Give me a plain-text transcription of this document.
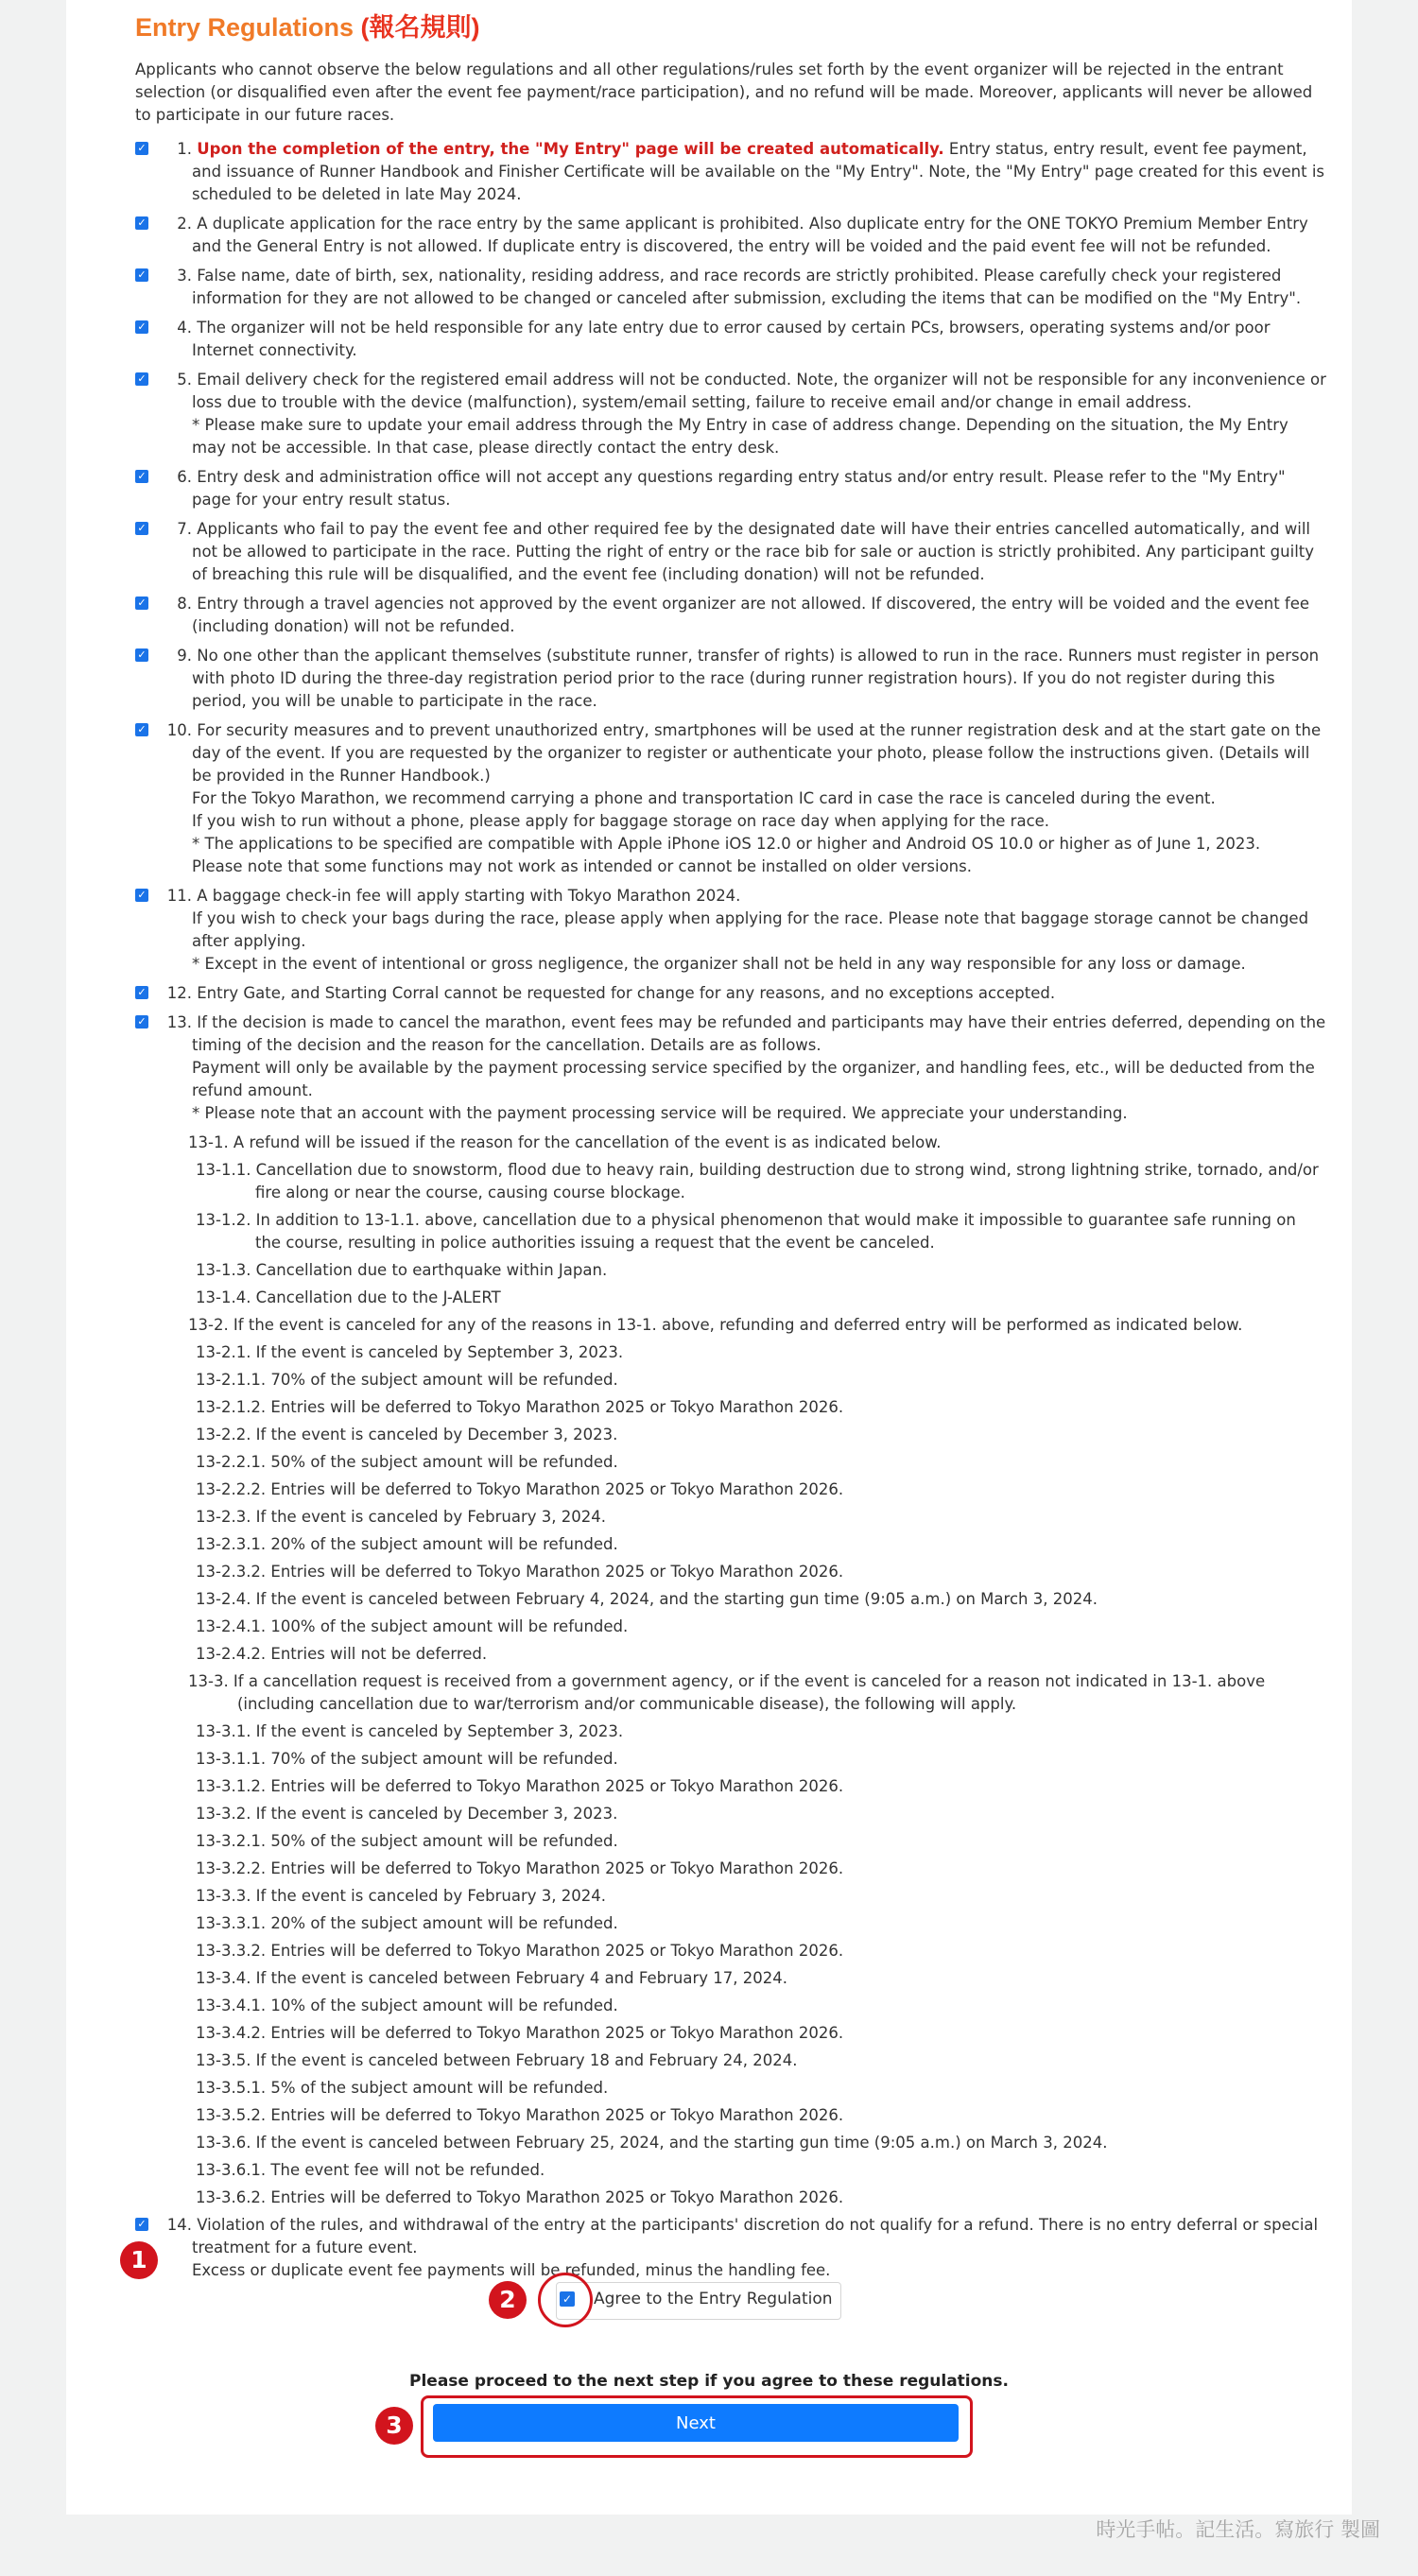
Entry Regulations (報名規則)
Applicants who cannot observe the below regulations and all other regulations/rules set forth by the event organizer will be rejected in the entrant selection (or disqualified even after the event fee payment/race participation), and no refund will be made. Moreover, applicants will never be allowed to participate in our future races.
✓	1. Upon the completion of the entry, the "My Entry" page will be created automatically. Entry status, entry result, event fee payment, and issuance of Runner Handbook and Finisher Certificate will be available on the "My Entry". Note, the "My Entry" page created for this event is scheduled to be deleted in late May 2024.
✓	2. A duplicate application for the race entry by the same applicant is prohibited. Also duplicate entry for the ONE TOKYO Premium Member Entry and the General Entry is not allowed. If duplicate entry is discovered, the entry will be voided and the paid event fee will not be refunded.
✓	3. False name, date of birth, sex, nationality, residing address, and race records are strictly prohibited. Please carefully check your registered information for they are not allowed to be changed or canceled after submission, excluding the items that can be modified on the "My Entry".
✓	4. The organizer will not be held responsible for any late entry due to error caused by certain PCs, browsers, operating systems and/or poor Internet connectivity.
✓	5. Email delivery check for the registered email address will not be conducted. Note, the organizer will not be responsible for any inconvenience or loss due to trouble with the device (malfunction), system/email setting, failure to receive email and/or change in email address.

* Please make sure to update your email address through the My Entry in case of address change. Depending on the situation, the My Entry may not be accessible. In that case, please directly contact the entry desk.

✓	6. Entry desk and administration office will not accept any questions regarding entry status and/or entry result. Please refer to the "My Entry" page for your entry result status.
✓	7. Applicants who fail to pay the event fee and other required fee by the designated date will have their entries cancelled automatically, and will not be allowed to participate in the race. Putting the right of entry or the race bib for sale or auction is strictly prohibited. Any participant guilty of breaching this rule will be disqualified, and the event fee (including donation) will not be refunded.
✓	8. Entry through a travel agencies not approved by the event organizer are not allowed. If discovered, the entry will be voided and the event fee (including donation) will not be refunded.
✓	9. No one other than the applicant themselves (substitute runner, transfer of rights) is allowed to run in the race. Runners must register in person with photo ID during the three-day registration period prior to the race (during runner registration hours). If you do not register during this period, you will be unable to participate in the race.
✓	10. For security measures and to prevent unauthorized entry, smartphones will be used at the runner registration desk and at the start gate on the day of the event. If you are requested by the organizer to register or authenticate your photo, please follow the instructions given. (Details will be provided in the Runner Handbook.)

For the Tokyo Marathon, we recommend carrying a phone and transportation IC card in case the race is canceled during the event.

If you wish to run without a phone, please apply for baggage storage on race day when applying for the race.

* The applications to be specified are compatible with Apple iPhone iOS 12.0 or higher and Android OS 10.0 or higher as of June 1, 2023.

Please note that some functions may not work as intended or cannot be installed on older versions.

✓	11. A baggage check-in fee will apply starting with Tokyo Marathon 2024.

If you wish to check your bags during the race, please apply when applying for the race. Please note that baggage storage cannot be changed after applying.

* Except in the event of intentional or gross negligence, the organizer shall not be held in any way responsible for any loss or damage.

✓	12. Entry Gate, and Starting Corral cannot be requested for change for any reasons, and no exceptions accepted.
✓	13. If the decision is made to cancel the marathon, event fees may be refunded and participants may have their entries deferred, depending on the timing of the decision and the reason for the cancellation. Details are as follows.

Payment will only be available by the payment processing service specified by the organizer, and handling fees, etc., will be deducted from the refund amount.

* Please note that an account with the payment processing service will be required. We appreciate your understanding.

13-1. A refund will be issued if the reason for the cancellation of the event is as indicated below.
13-1.1. Cancellation due to snowstorm, flood due to heavy rain, building destruction due to strong wind, strong lightning strike, tornado, and/or fire along or near the course, causing course blockage.
13-1.2. In addition to 13-1.1. above, cancellation due to a physical phenomenon that would make it impossible to guarantee safe running on the course, resulting in police authorities issuing a request that the event be canceled.
13-1.3. Cancellation due to earthquake within Japan.
13-1.4. Cancellation due to the J-ALERT
13-2. If the event is canceled for any of the reasons in 13-1. above, refunding and deferred entry will be performed as indicated below.
13-2.1. If the event is canceled by September 3, 2023.
13-2.1.1. 70% of the subject amount will be refunded.
13-2.1.2. Entries will be deferred to Tokyo Marathon 2025 or Tokyo Marathon 2026.
13-2.2. If the event is canceled by December 3, 2023.
13-2.2.1. 50% of the subject amount will be refunded.
13-2.2.2. Entries will be deferred to Tokyo Marathon 2025 or Tokyo Marathon 2026.
13-2.3. If the event is canceled by February 3, 2024.
13-2.3.1. 20% of the subject amount will be refunded.
13-2.3.2. Entries will be deferred to Tokyo Marathon 2025 or Tokyo Marathon 2026.
13-2.4. If the event is canceled between February 4, 2024, and the starting gun time (9:05 a.m.) on March 3, 2024.
13-2.4.1. 100% of the subject amount will be refunded.
13-2.4.2. Entries will not be deferred.
13-3. If a cancellation request is received from a government agency, or if the event is canceled for a reason not indicated in 13-1. above (including cancellation due to war/terrorism and/or communicable disease), the following will apply.
13-3.1. If the event is canceled by September 3, 2023.
13-3.1.1. 70% of the subject amount will be refunded.
13-3.1.2. Entries will be deferred to Tokyo Marathon 2025 or Tokyo Marathon 2026.
13-3.2. If the event is canceled by December 3, 2023.
13-3.2.1. 50% of the subject amount will be refunded.
13-3.2.2. Entries will be deferred to Tokyo Marathon 2025 or Tokyo Marathon 2026.
13-3.3. If the event is canceled by February 3, 2024.
13-3.3.1. 20% of the subject amount will be refunded.
13-3.3.2. Entries will be deferred to Tokyo Marathon 2025 or Tokyo Marathon 2026.
13-3.4. If the event is canceled between February 4 and February 17, 2024.
13-3.4.1. 10% of the subject amount will be refunded.
13-3.4.2. Entries will be deferred to Tokyo Marathon 2025 or Tokyo Marathon 2026.
13-3.5. If the event is canceled between February 18 and February 24, 2024.
13-3.5.1. 5% of the subject amount will be refunded.
13-3.5.2. Entries will be deferred to Tokyo Marathon 2025 or Tokyo Marathon 2026.
13-3.6. If the event is canceled between February 25, 2024, and the starting gun time (9:05 a.m.) on March 3, 2024.
13-3.6.1. The event fee will not be refunded.
13-3.6.2. Entries will be deferred to Tokyo Marathon 2025 or Tokyo Marathon 2026.
✓	14. Violation of the rules, and withdrawal of the entry at the participants' discretion do not qualify for a refund. There is no entry deferral or special treatment for a future event.

Excess or duplicate event fee payments will be refunded, minus the handling fee.

1
2
3
✓ Agree to the Entry Regulation
Please proceed to the next step if you agree to these regulations.
Next
時光手帖。記生活。寫旅行 製圖
